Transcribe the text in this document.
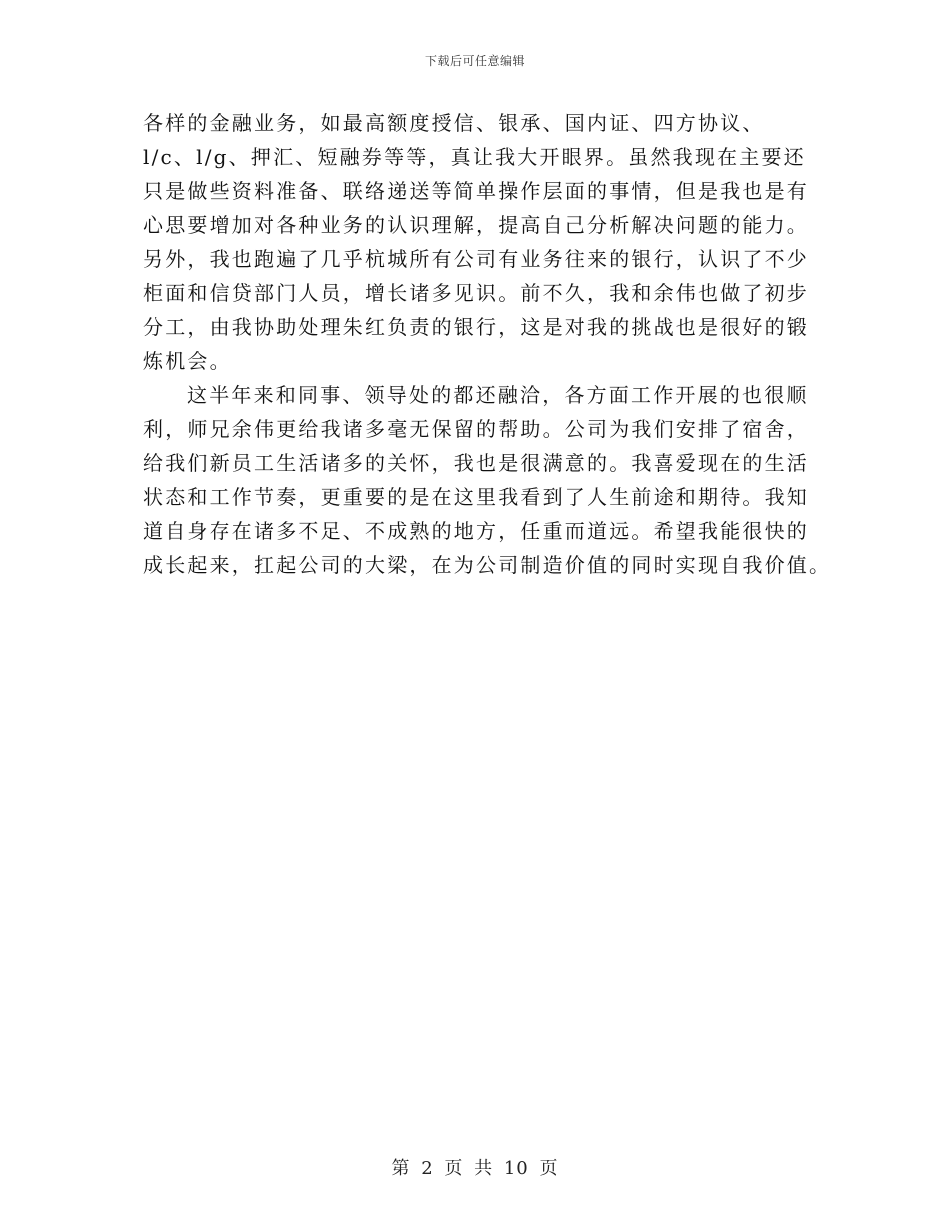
下载后可任意编辑
各样的金融业务，如最高额度授信、银承、国内证、四方协议、
l/c、l/g、押汇、短融券等等，真让我大开眼界。虽然我现在主要还
只是做些资料准备、联络递送等简单操作层面的事情，但是我也是有
心思要增加对各种业务的认识理解，提高自己分析解决问题的能力。
另外，我也跑遍了几乎杭城所有公司有业务往来的银行，认识了不少
柜面和信贷部门人员，增长诸多见识。前不久，我和余伟也做了初步
分工，由我协助处理朱红负责的银行，这是对我的挑战也是很好的锻
炼机会。
这半年来和同事、领导处的都还融洽，各方面工作开展的也很顺
利，师兄余伟更给我诸多毫无保留的帮助。公司为我们安排了宿舍，
给我们新员工生活诸多的关怀，我也是很满意的。我喜爱现在的生活
状态和工作节奏，更重要的是在这里我看到了人生前途和期待。我知
道自身存在诸多不足、不成熟的地方，任重而道远。希望我能很快的
成长起来，扛起公司的大梁，在为公司制造价值的同时实现自我价值。
第 2 页 共 10 页
